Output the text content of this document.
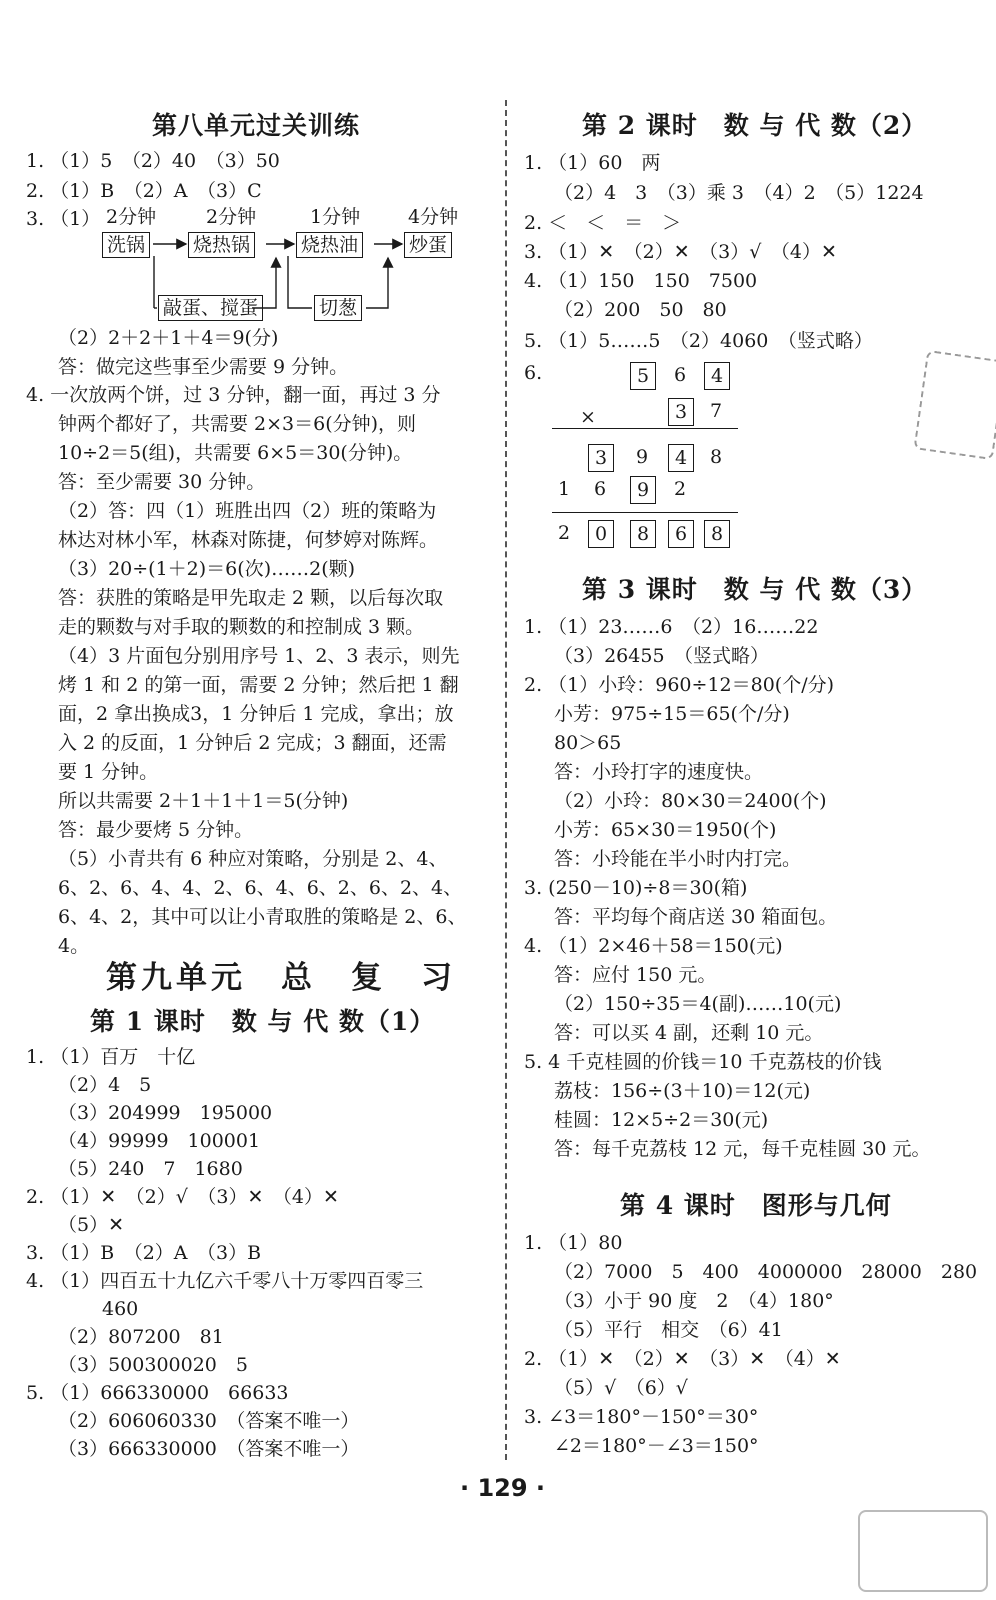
第八单元过关训练
1. （1）5　（2）40　（3）50
2. （1）B　（2）A　（3）C
3. （1） 2分钟	2分钟	1分钟	4分钟
洗锅	烧热锅	烧热油	炒蛋
敲蛋、搅蛋	切葱
（2）2＋2＋1＋4＝9(分)
答：做完这些事至少需要 9 分钟。
4. 一次放两个饼，过 3 分钟，翻一面，再过 3 分
钟两个都好了，共需要 2×3＝6(分钟)，则
10÷2＝5(组)，共需要 6×5＝30(分钟)。
答：至少需要 30 分钟。
（2）答：四（1）班胜出四（2）班的策略为
林达对林小军，林森对陈捷，何梦婷对陈辉。
（3）20÷(1＋2)＝6(次)……2(颗)
答：获胜的策略是甲先取走 2 颗，以后每次取
走的颗数与对手取的颗数的和控制成 3 颗。
（4）3 片面包分别用序号 1、2、3 表示，则先
烤 1 和 2 的第一面，需要 2 分钟；然后把 1 翻
面，2 拿出换成3，1 分钟后 1 完成，拿出；放
入 2 的反面，1 分钟后 2 完成；3 翻面，还需
要 1 分钟。
所以共需要 2＋1＋1＋1＝5(分钟)
答：最少要烤 5 分钟。
（5）小青共有 6 种应对策略，分别是 2、4、
6、2、6、4、4、2、6、4、6、2、6、2、4、
6、4、2，其中可以让小青取胜的策略是 2、6、
4。
第九单元　总　复　习
第 1 课时　数 与 代 数（1）
1. （1）百万　十亿
（2）4　5
（3）204999　195000
（4）99999　100001
（5）240　7　1680
2. （1）✕　（2）√　（3）✕　（4）✕
（5）✕
3. （1）B　（2）A　（3）B
4. （1）四百五十九亿六千零八十万零四百零三
460
（2）807200　81
（3）500300020　5
5. （1）666330000　66633
（2）606060330　（答案不唯一）
（3）666330000　（答案不唯一）
第 2 课时　数 与 代 数（2）
1. （1）60　两
（2）4　3　（3）乘 3　（4）2　（5）1224
2. ＜　＜　＝　＞
3. （1）✕　（2）✕　（3）√　（4）✕
4. （1）150　150　7500
（2）200　50　80
5. （1）5……5　（2）4060　（竖式略）
6.	5	6	4
×	3	7
3	9	4	8
1	6	9	2
2	0	8	6	8
第 3 课时　数 与 代 数（3）
1. （1）23……6　（2）16……22
（3）26455　（竖式略）
2. （1）小玲：960÷12＝80(个/分)
小芳：975÷15＝65(个/分)
80＞65
答：小玲打字的速度快。
（2）小玲：80×30＝2400(个)
小芳：65×30＝1950(个)
答：小玲能在半小时内打完。
3. (250－10)÷8＝30(箱)
答：平均每个商店送 30 箱面包。
4. （1）2×46＋58＝150(元)
答：应付 150 元。
（2）150÷35＝4(副)……10(元)
答：可以买 4 副，还剩 10 元。
5. 4 千克桂圆的价钱＝10 千克荔枝的价钱
荔枝：156÷(3＋10)＝12(元)
桂圆：12×5÷2＝30(元)
答：每千克荔枝 12 元，每千克桂圆 30 元。
第 4 课时　图形与几何
1. （1）80
（2）7000　5　400　4000000　28000　280
（3）小于 90 度　2　（4）180°
（5）平行　相交　（6）41
2. （1）✕　（2）✕　（3）✕　（4）✕
（5）√　（6）√
3. ∠3＝180°－150°＝30°
∠2＝180°－∠3＝150°
· 129 ·
